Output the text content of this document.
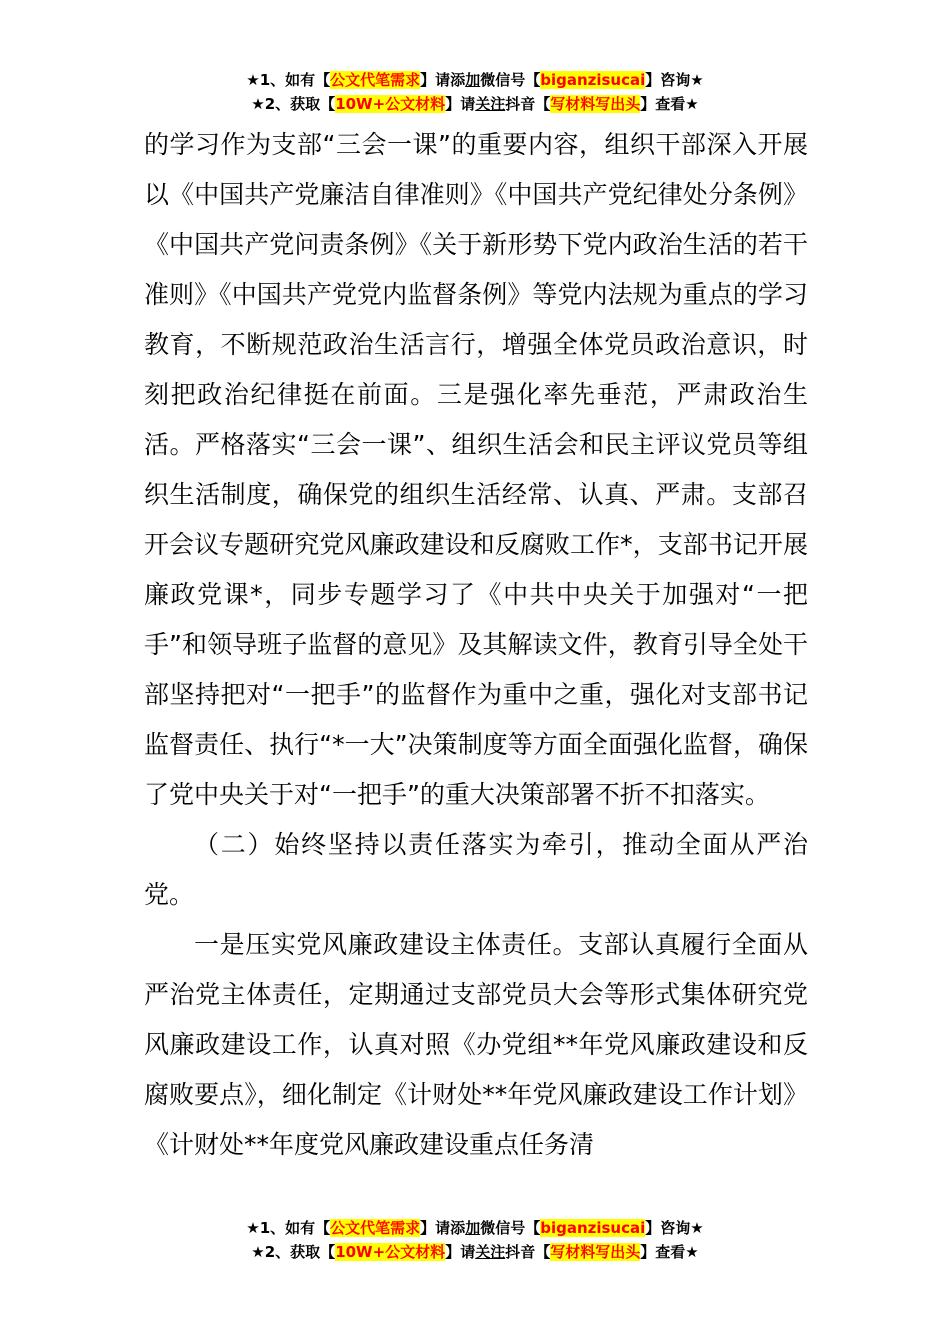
★1、如有【公文代笔需求】请添加微信号【biganzisucai】咨询★
★2、获取【10W+公文材料】请关注抖音【写材料写出头】查看★

的学习作为支部“三会一课”的重要内容，组织干部深入开展以《中国共产党廉洁自律准则》《中国共产党纪律处分条例》《中国共产党问责条例》《关于新形势下党内政治生活的若干准则》《中国共产党党内监督条例》等党内法规为重点的学习教育，不断规范政治生活言行，增强全体党员政治意识，时刻把政治纪律挺在前面。三是强化率先垂范，严肃政治生活。严格落实“三会一课”、组织生活会和民主评议党员等组织生活制度，确保党的组织生活经常、认真、严肃。支部召开会议专题研究党风廉政建设和反腐败工作*，支部书记开展廉政党课*，同步专题学习了《中共中央关于加强对“一把手”和领导班子监督的意见》及其解读文件，教育引导全处干部坚持把对“一把手”的监督作为重中之重，强化对支部书记监督责任、执行“*一大”决策制度等方面全面强化监督，确保了党中央关于对“一把手”的重大决策部署不折不扣落实。

（二）始终坚持以责任落实为牵引，推动全面从严治党。

一是压实党风廉政建设主体责任。支部认真履行全面从严治党主体责任，定期通过支部党员大会等形式集体研究党风廉政建设工作，认真对照《办党组**年党风廉政建设和反腐败要点》，细化制定《计财处**年党风廉政建设工作计划》《计财处**年度党风廉政建设重点任务清

★1、如有【公文代笔需求】请添加微信号【biganzisucai】咨询★
★2、获取【10W+公文材料】请关注抖音【写材料写出头】查看★
